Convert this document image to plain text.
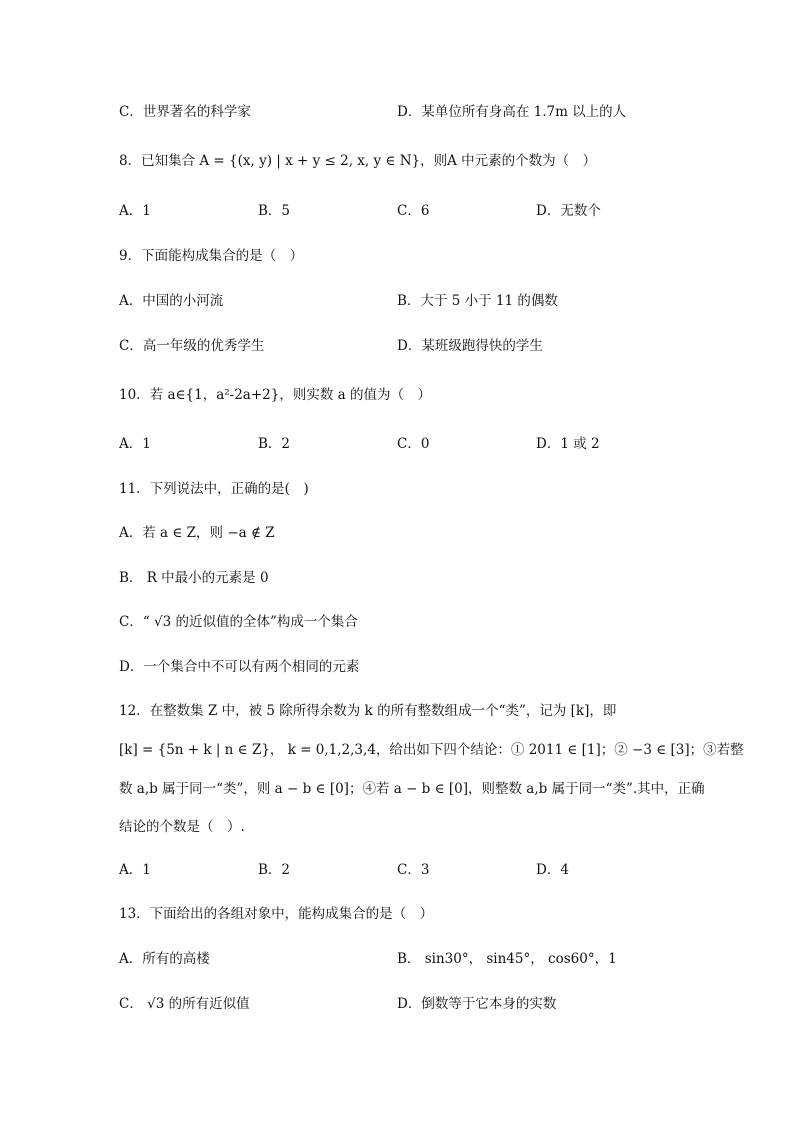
C．世界著名的科学家	D．某单位所有身高在 1.7m 以上的人
8．已知集合 A = {(x, y) | x + y ≤ 2, x, y ∈ N}，则A 中元素的个数为（　）
A．1	B．5	C．6	D．无数个
9．下面能构成集合的是（　）
A．中国的小河流	B．大于 5 小于 11 的偶数
C．高一年级的优秀学生	D．某班级跑得快的学生
10．若 a∈{1，a²-2a+2}，则实数 a 的值为（　）
A．1	B．2	C．0	D．1 或 2
11．下列说法中，正确的是(　)
A．若 a ∈ Z，则 −a ∉ Z
B． R 中最小的元素是 0
C．“ √3 的近似值的全体”构成一个集合
D．一个集合中不可以有两个相同的元素
12．在整数集 Z 中，被 5 除所得余数为 k 的所有整数组成一个“类”，记为 [k]，即
[k] = {5n + k | n ∈ Z}， k = 0,1,2,3,4，给出如下四个结论：① 2011 ∈ [1]；② −3 ∈ [3]；③若整
数 a,b 属于同一“类”，则 a − b ∈ [0]；④若 a − b ∈ [0]，则整数 a,b 属于同一“类”.其中，正确
结论的个数是（　）.
A．1	B．2	C．3	D．4
13．下面给出的各组对象中，能构成集合的是（　）
A．所有的高楼	B． sin30°， sin45°， cos60°，1
C． √3 的所有近似值	D．倒数等于它本身的实数
